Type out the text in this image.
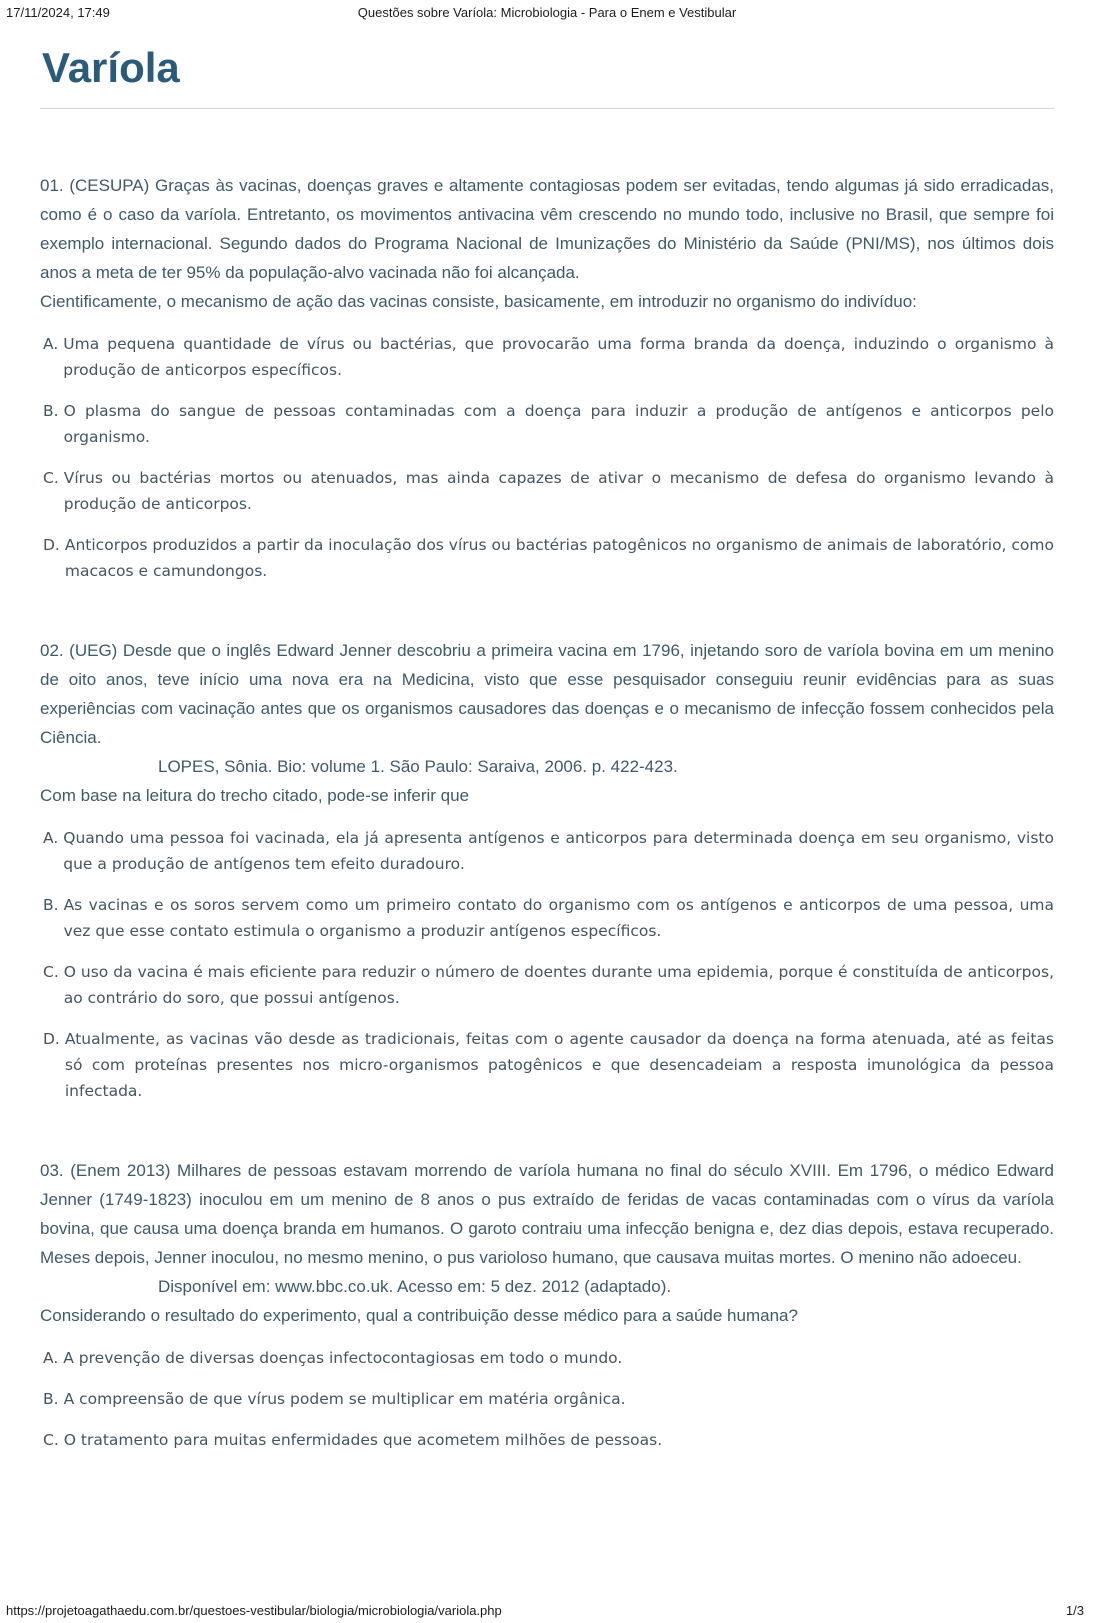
17/11/2024, 17:49	Questões sobre Varíola: Microbiologia - Para o Enem e Vestibular
Varíola

01. (CESUPA) Graças às vacinas, doenças graves e altamente contagiosas podem ser evitadas, tendo algumas já sido erradicadas, como é o caso da varíola. Entretanto, os movimentos antivacina vêm crescendo no mundo todo, inclusive no Brasil, que sempre foi exemplo internacional. Segundo dados do Programa Nacional de Imunizações do Ministério da Saúde (PNI/MS), nos últimos dois anos a meta de ter 95% da população-alvo vacinada não foi alcançada.

Cientificamente, o mecanismo de ação das vacinas consiste, basicamente, em introduzir no organismo do indivíduo:

A. Uma pequena quantidade de vírus ou bactérias, que provocarão uma forma branda da doença, induzindo o organismo à produção de anticorpos específicos.
B. O plasma do sangue de pessoas contaminadas com a doença para induzir a produção de antígenos e anticorpos pelo organismo.
C. Vírus ou bactérias mortos ou atenuados, mas ainda capazes de ativar o mecanismo de defesa do organismo levando à produção de anticorpos.
D. Anticorpos produzidos a partir da inoculação dos vírus ou bactérias patogênicos no organismo de animais de laboratório, como macacos e camundongos.

02. (UEG) Desde que o inglês Edward Jenner descobriu a primeira vacina em 1796, injetando soro de varíola bovina em um menino de oito anos, teve início uma nova era na Medicina, visto que esse pesquisador conseguiu reunir evidências para as suas experiências com vacinação antes que os organismos causadores das doenças e o mecanismo de infecção fossem conhecidos pela Ciência.

LOPES, Sônia. Bio: volume 1. São Paulo: Saraiva, 2006. p. 422-423.

Com base na leitura do trecho citado, pode-se inferir que

A. Quando uma pessoa foi vacinada, ela já apresenta antígenos e anticorpos para determinada doença em seu organismo, visto que a produção de antígenos tem efeito duradouro.
B. As vacinas e os soros servem como um primeiro contato do organismo com os antígenos e anticorpos de uma pessoa, uma vez que esse contato estimula o organismo a produzir antígenos específicos.
C. O uso da vacina é mais eficiente para reduzir o número de doentes durante uma epidemia, porque é constituída de anticorpos, ao contrário do soro, que possui antígenos.
D. Atualmente, as vacinas vão desde as tradicionais, feitas com o agente causador da doença na forma atenuada, até as feitas só com proteínas presentes nos micro-organismos patogênicos e que desencadeiam a resposta imunológica da pessoa infectada.

03. (Enem 2013) Milhares de pessoas estavam morrendo de varíola humana no final do século XVIII. Em 1796, o médico Edward Jenner (1749-1823) inoculou em um menino de 8 anos o pus extraído de feridas de vacas contaminadas com o vírus da varíola bovina, que causa uma doença branda em humanos. O garoto contraiu uma infecção benigna e, dez dias depois, estava recuperado. Meses depois, Jenner inoculou, no mesmo menino, o pus varioloso humano, que causava muitas mortes. O menino não adoeceu.

Disponível em: www.bbc.co.uk. Acesso em: 5 dez. 2012 (adaptado).

Considerando o resultado do experimento, qual a contribuição desse médico para a saúde humana?

A. A prevenção de diversas doenças infectocontagiosas em todo o mundo.
B. A compreensão de que vírus podem se multiplicar em matéria orgânica.
C. O tratamento para muitas enfermidades que acometem milhões de pessoas.
https://projetoagathaedu.com.br/questoes-vestibular/biologia/microbiologia/variola.php	1/3
